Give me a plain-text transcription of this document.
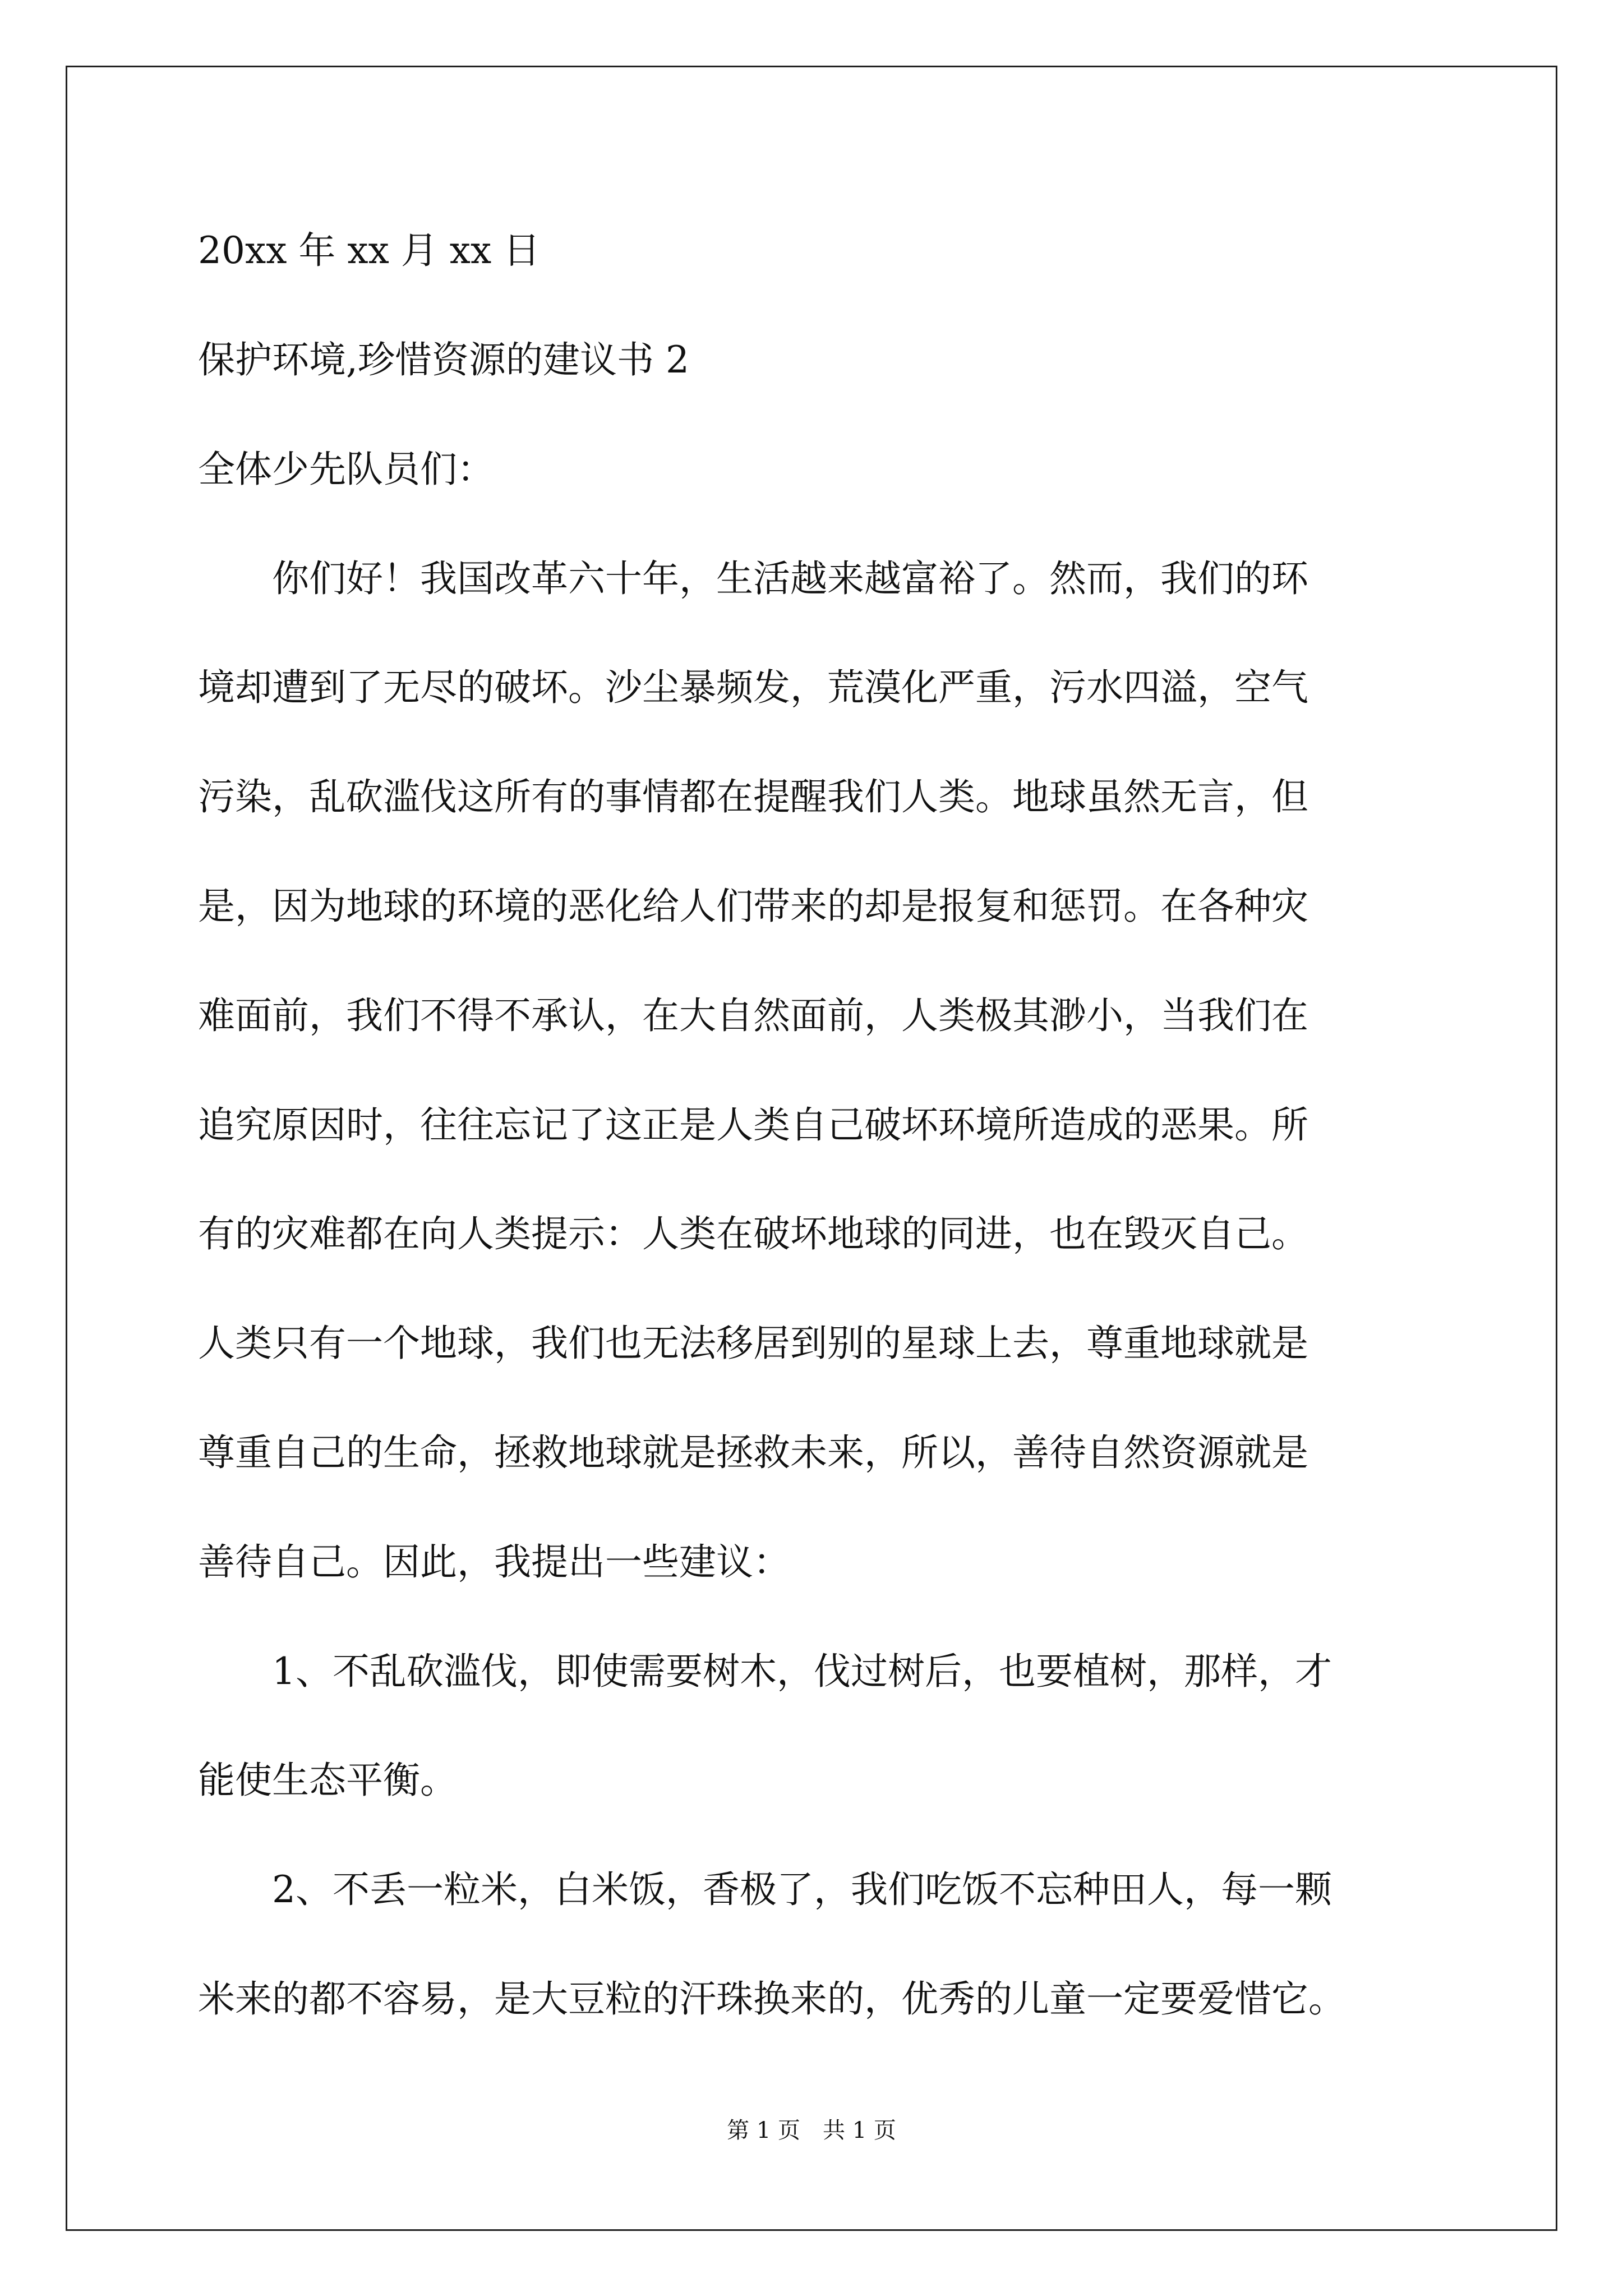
20xx 年 xx 月 xx 日
保护环境,珍惜资源的建议书 2
全体少先队员们：
你们好！我国改革六十年，生活越来越富裕了。然而，我们的环
境却遭到了无尽的破坏。沙尘暴频发，荒漠化严重，污水四溢，空气
污染，乱砍滥伐这所有的事情都在提醒我们人类。地球虽然无言，但
是，因为地球的环境的恶化给人们带来的却是报复和惩罚。在各种灾
难面前，我们不得不承认，在大自然面前，人类极其渺小，当我们在
追究原因时，往往忘记了这正是人类自己破坏环境所造成的恶果。所
有的灾难都在向人类提示：人类在破坏地球的同进，也在毁灭自己。
人类只有一个地球，我们也无法移居到别的星球上去，尊重地球就是
尊重自己的生命，拯救地球就是拯救未来，所以，善待自然资源就是
善待自己。因此，我提出一些建议：
1、不乱砍滥伐，即使需要树木，伐过树后，也要植树，那样，才
能使生态平衡。
2、不丢一粒米，白米饭，香极了，我们吃饭不忘种田人，每一颗
米来的都不容易，是大豆粒的汗珠换来的，优秀的儿童一定要爱惜它。
第 1 页　共 1 页
